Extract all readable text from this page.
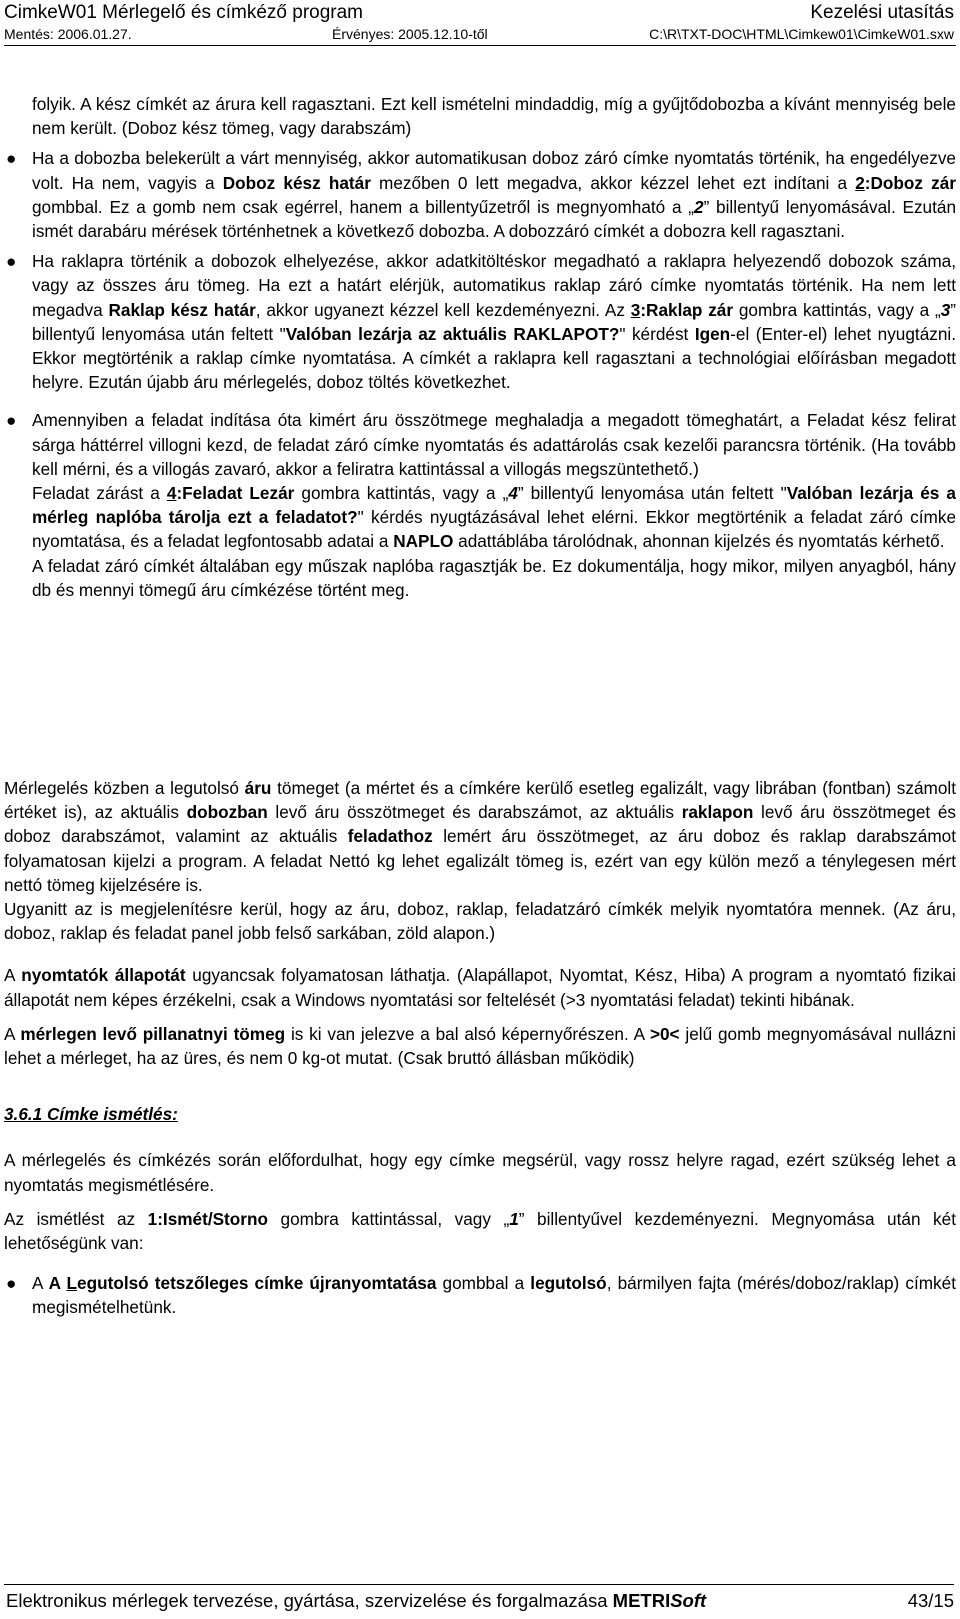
CimkeW01 Mérlegelő és címkéző program	Kezelési utasítás
Mentés: 2006.01.27.	Érvényes: 2005.12.10-től	C:\R\TXT-DOC\HTML\Cimkew01\CimkeW01.sxw

folyik. A kész címkét az árura kell ragasztani. Ezt kell ismételni mindaddig, míg a gyűjtődobozba a kívánt mennyiség bele nem került. (Doboz kész tömeg, vagy darabszám)

● Ha a dobozba belekerült a várt mennyiség, akkor automatikusan doboz záró címke nyomtatás történik, ha engedélyezve volt. Ha nem, vagyis a Doboz kész határ mezőben 0 lett megadva, akkor kézzel lehet ezt indítani a 2:Doboz zár gombbal. Ez a gomb nem csak egérrel, hanem a billentyűzetről is megnyomható a „2” billentyű lenyomásával. Ezután ismét darabáru mérések történhetnek a következő dobozba. A dobozzáró címkét a dobozra kell ragasztani.

● Ha raklapra történik a dobozok elhelyezése, akkor adatkitöltéskor megadható a raklapra helyezendő dobozok száma, vagy az összes áru tömeg. Ha ezt a határt elérjük, automatikus raklap záró címke nyomtatás történik. Ha nem lett megadva Raklap kész határ, akkor ugyanezt kézzel kell kezdeményezni. Az 3:Raklap zár gombra kattintás, vagy a „3” billentyű lenyomása után feltett "Valóban lezárja az aktuális RAKLAPOT?" kérdést Igen-el (Enter-el) lehet nyugtázni. Ekkor megtörténik a raklap címke nyomtatása. A címkét a raklapra kell ragasztani a technológiai előírásban megadott helyre. Ezután újabb áru mérlegelés, doboz töltés következhet.

● Amennyiben a feladat indítása óta kimért áru összötmege meghaladja a megadott tömeghatárt, a Feladat kész felirat sárga háttérrel villogni kezd, de feladat záró címke nyomtatás és adattárolás csak kezelői parancsra történik. (Ha tovább kell mérni, és a villogás zavaró, akkor a feliratra kattintással a villogás megszüntethető.)
Feladat zárást a 4:Feladat Lezár gombra kattintás, vagy a „4” billentyű lenyomása után feltett "Valóban lezárja és a mérleg naplóba tárolja ezt a feladatot?" kérdés nyugtázásával lehet elérni. Ekkor megtörténik a feladat záró címke nyomtatása, és a feladat legfontosabb adatai a NAPLO adattáblába tárolódnak, ahonnan kijelzés és nyomtatás kérhető.
A feladat záró címkét általában egy műszak naplóba ragasztják be. Ez dokumentálja, hogy mikor, milyen anyagból, hány db és mennyi tömegű áru címkézése történt meg.

Mérlegelés közben a legutolsó áru tömeget (a mértet és a címkére kerülő esetleg egalizált, vagy librában (fontban) számolt értéket is), az aktuális dobozban levő áru összötmeget és darabszámot, az aktuális raklapon levő áru összötmeget és doboz darabszámot, valamint az aktuális feladathoz lemért áru összötmeget, az áru doboz és raklap darabszámot folyamatosan kijelzi a program. A feladat Nettó kg lehet egalizált tömeg is, ezért van egy külön mező a ténylegesen mért nettó tömeg kijelzésére is.
Ugyanitt az is megjelenítésre kerül, hogy az áru, doboz, raklap, feladatzáró címkék melyik nyomtatóra mennek. (Az áru, doboz, raklap és feladat panel jobb felső sarkában, zöld alapon.)

A nyomtatók állapotát ugyancsak folyamatosan láthatja. (Alapállapot, Nyomtat, Kész, Hiba) A program a nyomtató fizikai állapotát nem képes érzékelni, csak a Windows nyomtatási sor feltelését (>3 nyomtatási feladat) tekinti hibának.

A mérlegen levő pillanatnyi tömeg is ki van jelezve a bal alsó képernyőrészen. A >0< jelű gomb megnyomásával nullázni lehet a mérleget, ha az üres, és nem 0 kg-ot mutat. (Csak bruttó állásban működik)

3.6.1 Címke ismétlés:

A mérlegelés és címkézés során előfordulhat, hogy egy címke megsérül, vagy rossz helyre ragad, ezért szükség lehet a nyomtatás megismétlésére.

Az ismétlést az 1:Ismét/Storno gombra kattintással, vagy „1” billentyűvel kezdeményezni. Megnyomása után két lehetőségünk van:

● A A Legutolsó tetszőleges címke újranyomtatása gombbal a legutolsó, bármilyen fajta (mérés/doboz/raklap) címkét megismételhetünk.

Elektronikus mérlegek tervezése, gyártása, szervizelése és forgalmazása METRISoft	43/15
